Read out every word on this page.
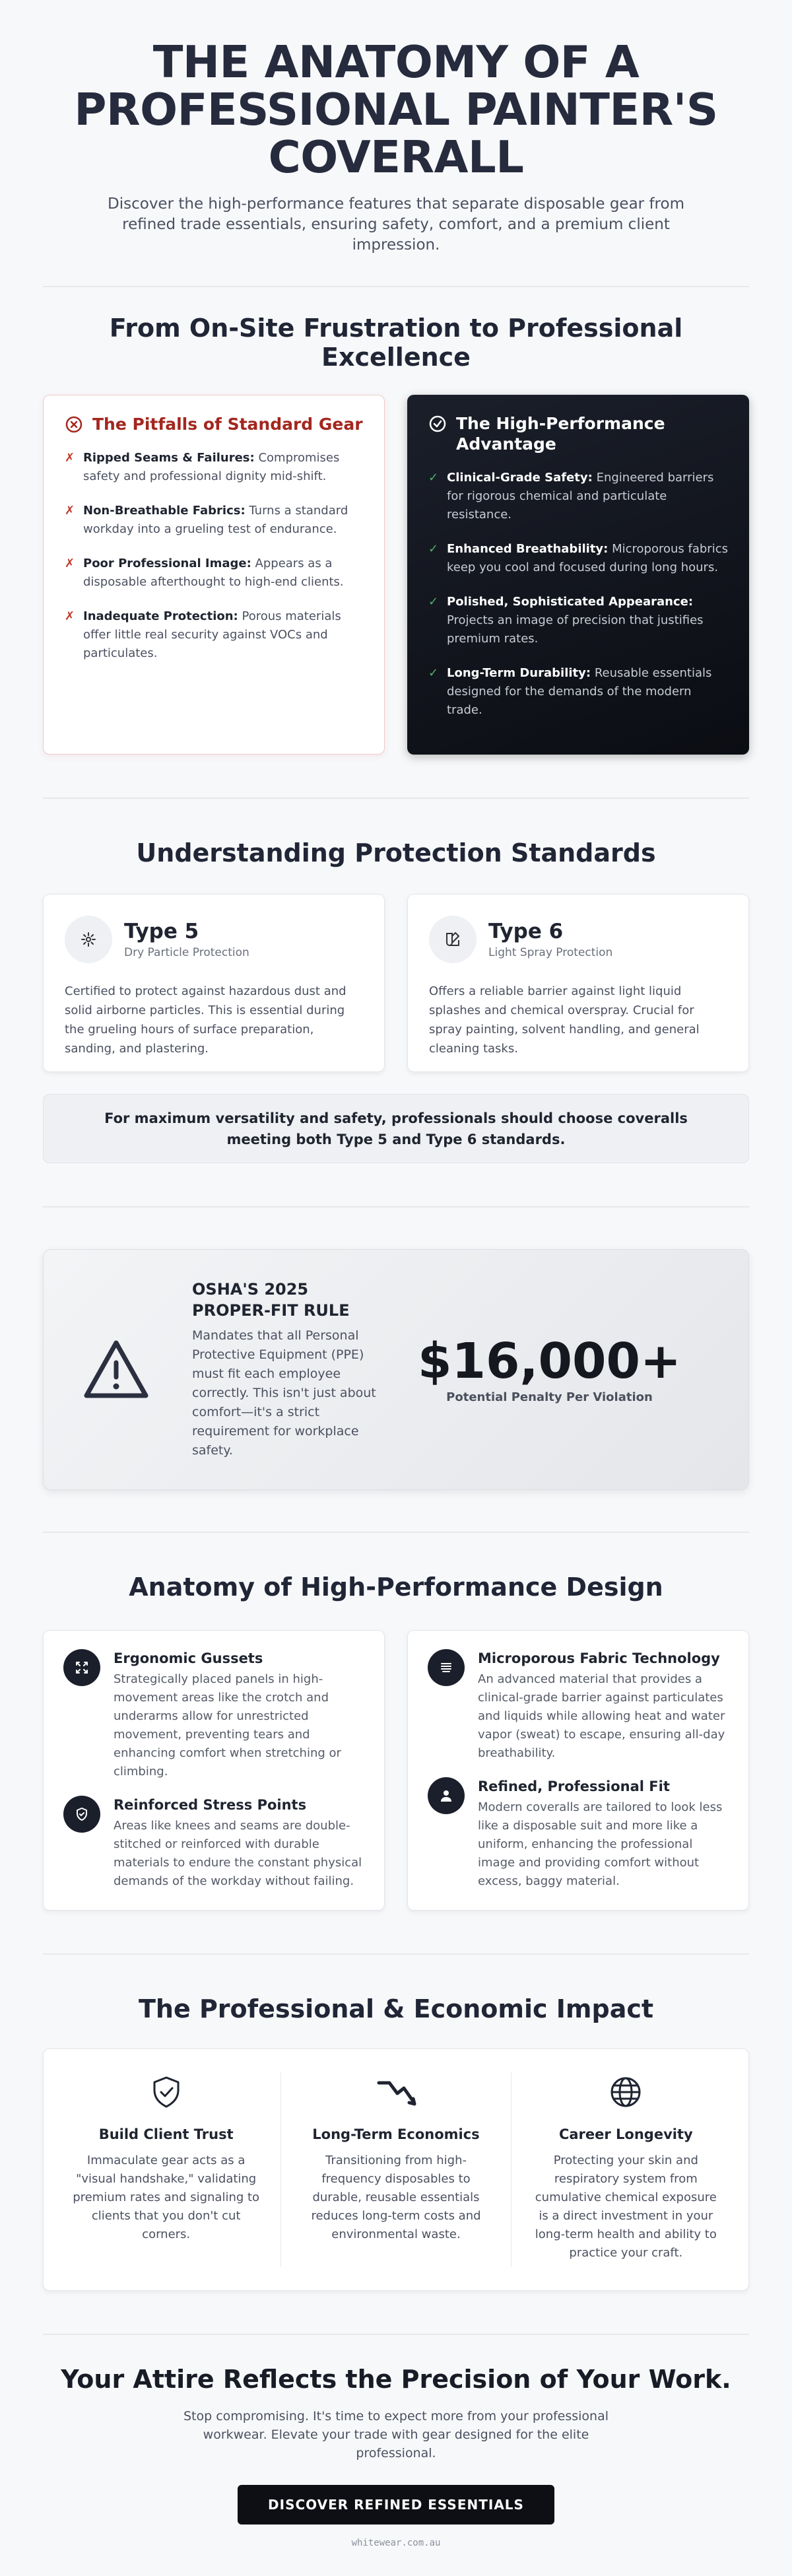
THE ANATOMY OF A PROFESSIONAL PAINTER'S COVERALL

Discover the high-performance features that separate disposable gear from refined trade essentials, ensuring safety, comfort, and a premium client impression.

From On-Site Frustration to Professional Excellence
The Pitfalls of Standard Gear
✗ Ripped Seams & Failures: Compromises safety and professional dignity mid-shift.
✗ Non-Breathable Fabrics: Turns a standard workday into a grueling test of endurance.
✗ Poor Professional Image: Appears as a disposable afterthought to high-end clients.
✗ Inadequate Protection: Porous materials offer little real security against VOCs and particulates.
The High-Performance Advantage
✓ Clinical-Grade Safety: Engineered barriers for rigorous chemical and particulate resistance.
✓ Enhanced Breathability: Microporous fabrics keep you cool and focused during long hours.
✓ Polished, Sophisticated Appearance: Projects an image of precision that justifies premium rates.
✓ Long-Term Durability: Reusable essentials designed for the demands of the modern trade.
Understanding Protection Standards
Type 5
Dry Particle Protection
Certified to protect against hazardous dust and solid airborne particles. This is essential during the grueling hours of surface preparation, sanding, and plastering.
Type 6
Light Spray Protection
Offers a reliable barrier against light liquid splashes and chemical overspray. Crucial for spray painting, solvent handling, and general cleaning tasks.
For maximum versatility and safety, professionals should choose coveralls meeting both Type 5 and Type 6 standards.
OSHA'S 2025 PROPER-FIT RULE

Mandates that all Personal Protective Equipment (PPE) must fit each employee correctly. This isn't just about comfort—it's a strict requirement for workplace safety.

$16,000+
Potential Penalty Per Violation
Anatomy of High-Performance Design
Ergonomic Gussets

Strategically placed panels in high-movement areas like the crotch and underarms allow for unrestricted movement, preventing tears and enhancing comfort when stretching or climbing.

Reinforced Stress Points

Areas like knees and seams are double-stitched or reinforced with durable materials to endure the constant physical demands of the workday without failing.

Microporous Fabric Technology

An advanced material that provides a clinical-grade barrier against particulates and liquids while allowing heat and water vapor (sweat) to escape, ensuring all-day breathability.

Refined, Professional Fit

Modern coveralls are tailored to look less like a disposable suit and more like a uniform, enhancing the professional image and providing comfort without excess, baggy material.

The Professional & Economic Impact
Build Client Trust

Immaculate gear acts as a "visual handshake," validating premium rates and signaling to clients that you don't cut corners.

Long-Term Economics

Transitioning from high-frequency disposables to durable, reusable essentials reduces long-term costs and environmental waste.

Career Longevity

Protecting your skin and respiratory system from cumulative chemical exposure is a direct investment in your long-term health and ability to practice your craft.

Your Attire Reflects the Precision of Your Work.

Stop compromising. It's time to expect more from your professional workwear. Elevate your trade with gear designed for the elite professional.

DISCOVER REFINED ESSENTIALS
whitewear.com.au
